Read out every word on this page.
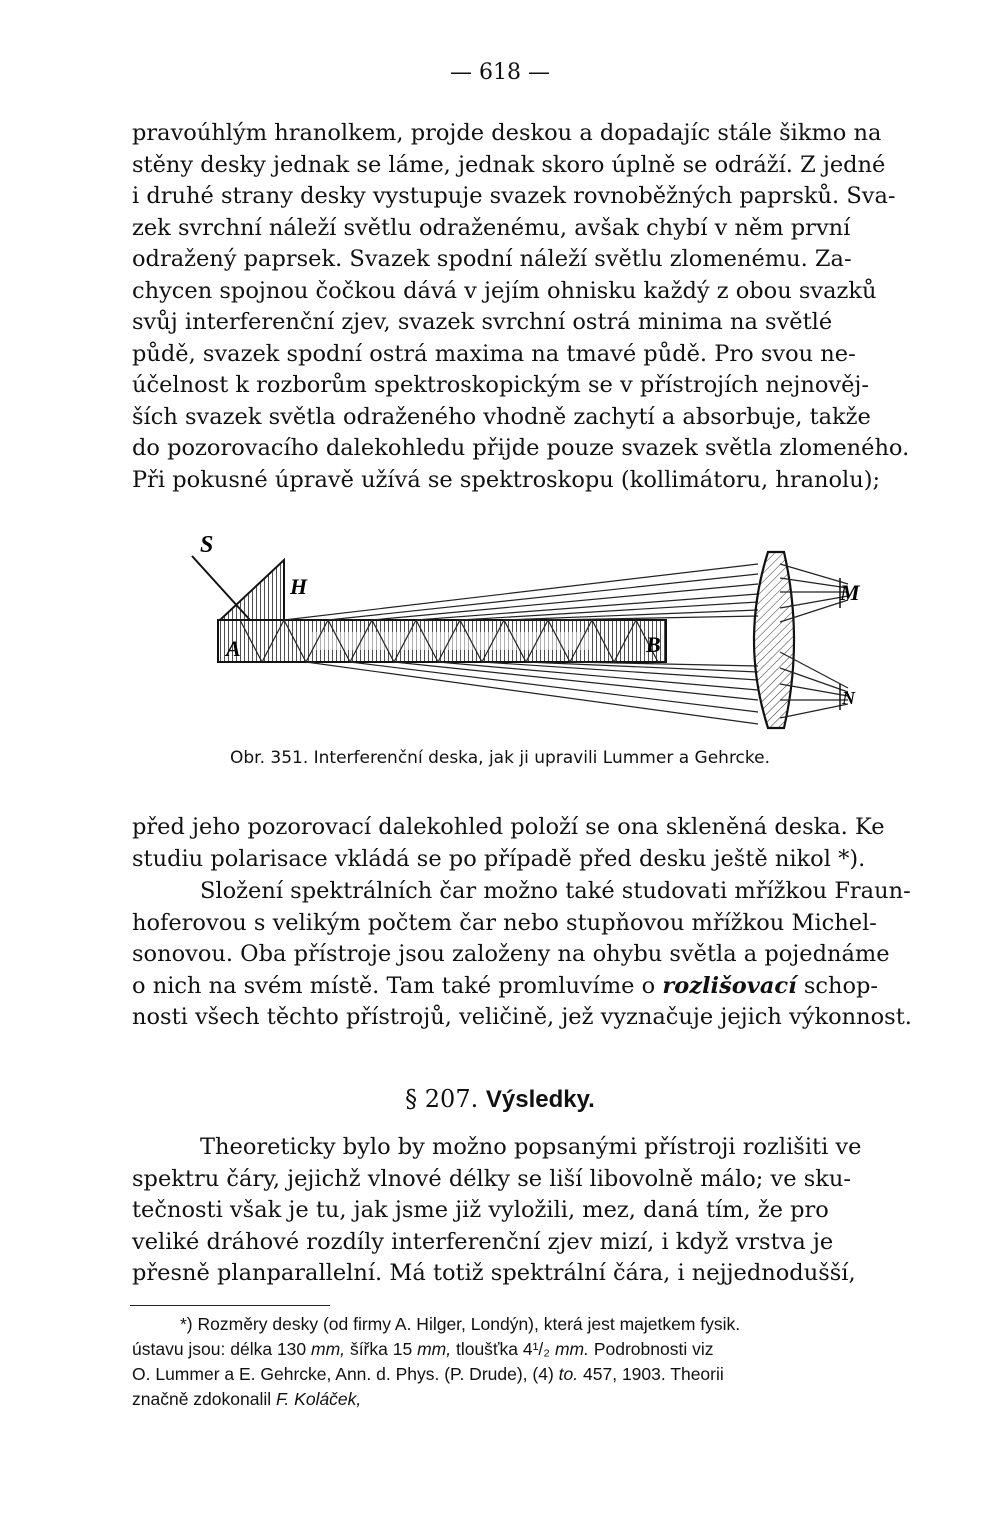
— 618 —
pravoúhlým hranolkem, projde deskou a dopadajíc stále šikmo na
stěny desky jednak se láme, jednak skoro úplně se odráží. Z jedné
i druhé strany desky vystupuje svazek rovnoběžných paprsků. Sva-
zek svrchní náleží světlu odraženému, avšak chybí v něm první
odražený paprsek. Svazek spodní náleží světlu zlomenému. Za-
chycen spojnou čočkou dává v jejím ohnisku každý z obou svazků
svůj interferenční zjev, svazek svrchní ostrá minima na světlé
půdě, svazek spodní ostrá maxima na tmavé půdě. Pro svou ne-
účelnost k rozborům spektroskopickým se v přístrojích nejnověj-
ších svazek světla odraženého vhodně zachytí a absorbuje, takže
do pozorovacího dalekohledu přijde pouze svazek světla zlomeného.
Při pokusné úpravě užívá se spektroskopu (kollimátoru, hranolu);
S
H
A	B
M
N
Obr. 351. Interferenční deska, jak ji upravili Lummer a Gehrcke.
před jeho pozorovací dalekohled položí se ona skleněná deska. Ke
studiu polarisace vkládá se po případě před desku ještě nikol *).
Složení spektrálních čar možno také studovati mřížkou Fraun-
hoferovou s velikým počtem čar nebo stupňovou mřížkou Michel-
sonovou. Oba přístroje jsou založeny na ohybu světla a pojednáme
o nich na svém místě. Tam také promluvíme o rozlišovací schop-
nosti všech těchto přístrojů, veličině, jež vyznačuje jejich výkonnost.
§ 207. Výsledky.
Theoreticky bylo by možno popsanými přístroji rozlišiti ve
spektru čáry, jejichž vlnové délky se liší libovolně málo; ve sku-
tečnosti však je tu, jak jsme již vyložili, mez, daná tím, že pro
veliké dráhové rozdíly interferenční zjev mizí, i když vrstva je
přesně planparallelní. Má totiž spektrální čára, i nejjednodušší,
*) Rozměry desky (od firmy A. Hilger, Londýn), která jest majetkem fysik.
ústavu jsou: délka 130 mm, šířka 15 mm, tloušťka 4¹/₂ mm. Podrobnosti viz
O. Lummer a E. Gehrcke, Ann. d. Phys. (P. Drude), (4) to. 457, 1903. Theorii
značně zdokonalil F. Koláček,
